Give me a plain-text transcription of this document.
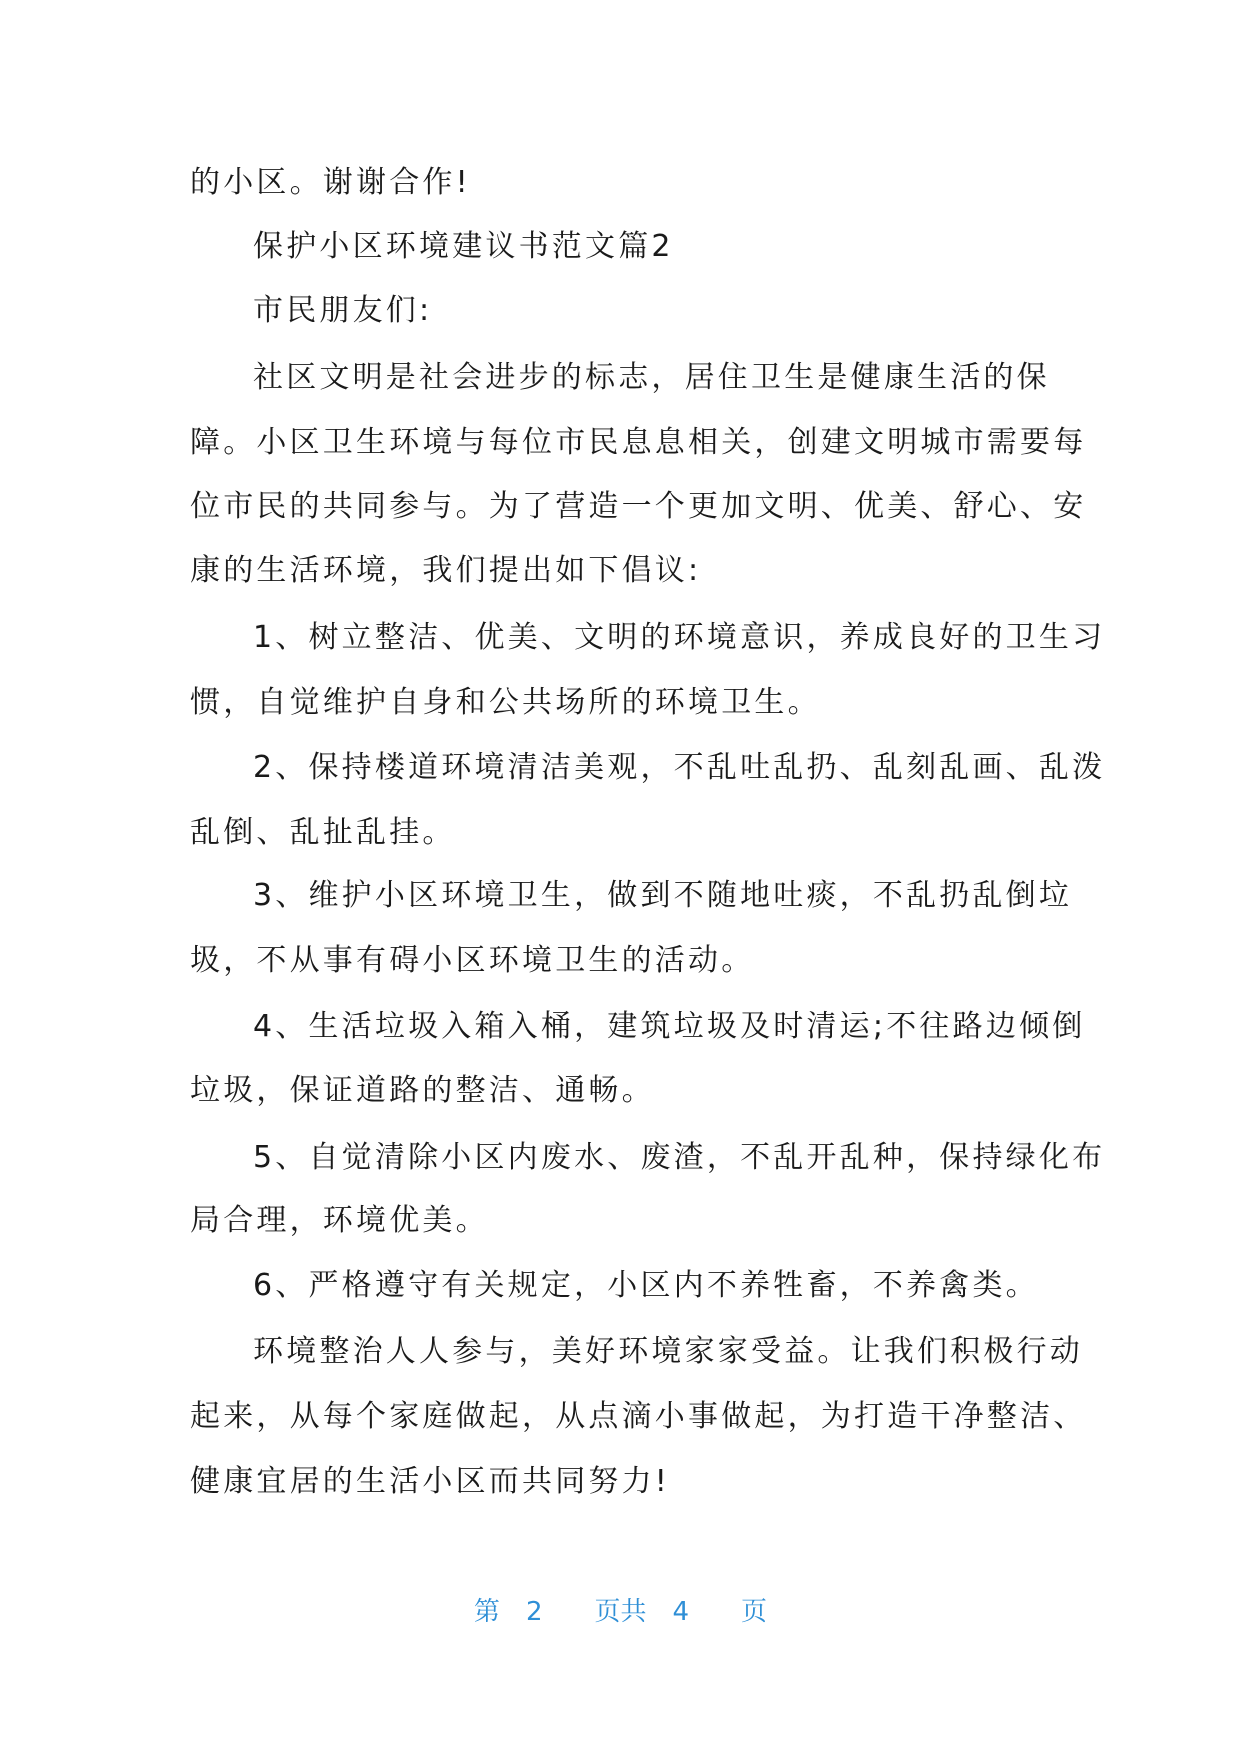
的小区。谢谢合作!
保护小区环境建议书范文篇2
市民朋友们:
社区文明是社会进步的标志，居住卫生是健康生活的保
障。小区卫生环境与每位市民息息相关，创建文明城市需要每
位市民的共同参与。为了营造一个更加文明、优美、舒心、安
康的生活环境，我们提出如下倡议:
1、树立整洁、优美、文明的环境意识，养成良好的卫生习
惯，自觉维护自身和公共场所的环境卫生。
2、保持楼道环境清洁美观，不乱吐乱扔、乱刻乱画、乱泼
乱倒、乱扯乱挂。
3、维护小区环境卫生，做到不随地吐痰，不乱扔乱倒垃
圾，不从事有碍小区环境卫生的活动。
4、生活垃圾入箱入桶，建筑垃圾及时清运;不往路边倾倒
垃圾，保证道路的整洁、通畅。
5、自觉清除小区内废水、废渣，不乱开乱种，保持绿化布
局合理，环境优美。
6、严格遵守有关规定，小区内不养牲畜，不养禽类。
环境整治人人参与，美好环境家家受益。让我们积极行动
起来，从每个家庭做起，从点滴小事做起，为打造干净整洁、
健康宜居的生活小区而共同努力!
第 2 页共 4 页
